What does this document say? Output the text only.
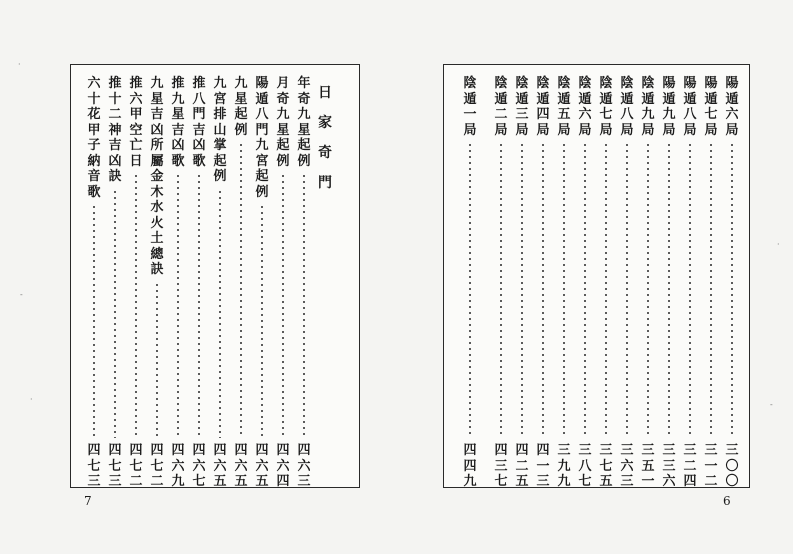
日
家
奇
門
年
奇
九
星
起
例
四
六
三
月
奇
九
星
起
例
四
六
四
陽
遁
八
門
九
宮
起
例
四
六
五
九
星
起
例
四
六
五
九
宮
排
山
掌
起
例
四
六
五
推
八
門
吉
凶
歌
四
六
七
推
九
星
吉
凶
歌
四
六
九
九
星
吉
凶
所
屬
金
木
水
火
土
總
訣
四
七
二
推
六
甲
空
亡
日
四
七
二
推
十
二
神
吉
凶
訣
四
七
三
六
十
花
甲
子
納
音
歌
四
七
三
7
陽
遁
六
局
三
〇
〇
陽
遁
七
局
三
一
二
陽
遁
八
局
三
二
四
陽
遁
九
局
三
三
六
陰
遁
九
局
三
五
一
陰
遁
八
局
三
六
三
陰
遁
七
局
三
七
五
陰
遁
六
局
三
八
七
陰
遁
五
局
三
九
九
陰
遁
四
局
四
一
三
陰
遁
三
局
四
二
五
陰
遁
二
局
四
三
七
陰
遁
一
局
四
四
九
6
·
-
·
·
-
